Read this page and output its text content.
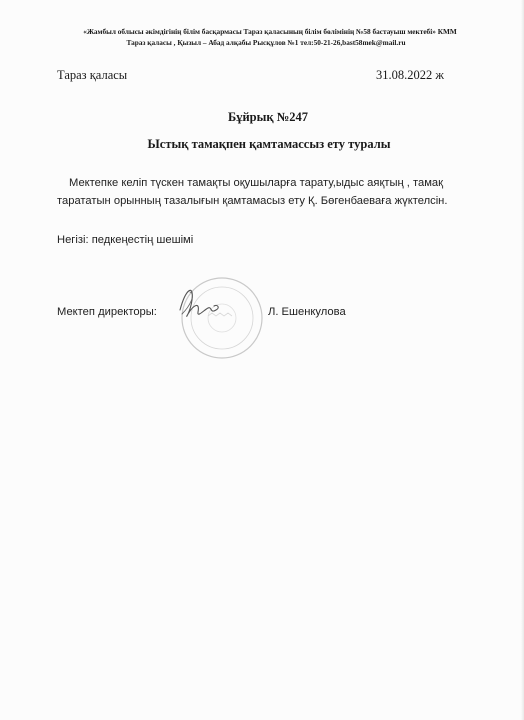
«Жамбыл облысы әкімдігінің білім басқармасы Тараз қаласының білім бөлімінің №58 бастауыш мектебі» КММ
Тараз қаласы , Қызыл – Абад алқабы Рысқұлов №1 тел:50-21-26,bast58mek@mail.ru
Тараз қаласы	31.08.2022 ж
Бұйрық №247
Ыстық тамақпен қамтамассыз ету туралы
Мектепке келіп түскен тамақты оқушыларға тарату,ыдыс аяқтың , тамақ
тарататын орынның тазалығын қамтамасыз ету Қ. Бөгенбаеваға жүктелсін.
Негізі: педкеңестің шешімі
Мектеп директоры:	Л. Ешенкулова
